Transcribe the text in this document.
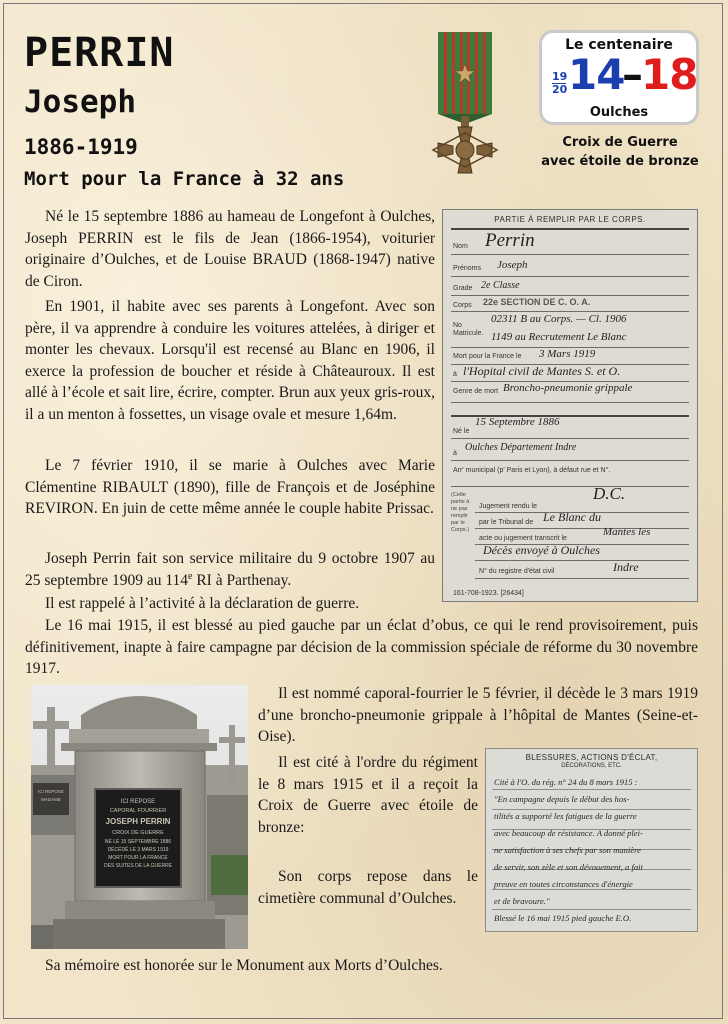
PERRIN
Joseph
1886-1919
Mort pour la France à 32 ans
Le centenaire
19
20 14
–
18
Oulches
Croix de Guerre
avec étoile de bronze

Né le 15 septembre 1886 au hameau de Longefont à Oulches, Joseph PERRIN est le fils de Jean (1866-1954), voiturier originaire d’Oulches, et de Louise BRAUD (1868-1947) native de Ciron.

En 1901, il habite avec ses parents à Longefont. Avec son père, il va apprendre à conduire les voitures attelées, à diriger et monter les chevaux. Lorsqu'il est recensé au Blanc en 1906, il exerce la profession de boucher et réside à Châteauroux. Il est allé à l’école et sait lire, écrire, compter. Brun aux yeux gris-roux, il a un menton à fossettes, un visage ovale et mesure 1,64m.

Le 7 février 1910, il se marie à Oulches avec Marie Clémentine RIBAULT (1890), fille de François et de Joséphine REVIRON. En juin de cette même année le couple habite Prissac.

Joseph Perrin fait son service militaire du 9 octobre 1907 au 25 septembre 1909 au 114e RI à Parthenay.

Il est rappelé à l’activité à la déclaration de guerre.

Le 16 mai 1915, il est blessé au pied gauche par un éclat d’obus, ce qui le rend provisoirement, puis définitivement, inapte à faire campagne par décision de la commission spéciale de réforme du 30 novembre 1917.

Il est nommé caporal-fourrier le 5 février, il décède le 3 mars 1919 d’une broncho-pneumonie grippale à l’hôpital de Mantes (Seine-et-Oise).

Il est cité à l'ordre du régiment le 8 mars 1915 et il a reçoit la Croix de Guerre avec étoile de bronze:

Son corps repose dans le cimetière communal d’Oulches.

Sa mémoire est honorée sur le Monument aux Morts d’Oulches.

PARTIE À REMPLIR PAR LE CORPS.
Nom Perrin
Prénoms Joseph
Grade 2e Classe
Corps 22e SECTION DE C. O. A.
No Matricule.
02311 B au Corps. — Cl. 1906
1149 au Recrutement Le Blanc
Mort pour la France le 3 Mars 1919
à l'Hopital civil de Mantes S. et O.
Genre de mort Broncho-pneumonie grippale
Né le
15 Septembre 1886
à
Oulches Département Indre
Arr' municipal (p' Paris et Lyon), à défaut rue et N°.
(Cette partie à ne pas remplir par le Corps.)
Jugement rendu le
D.C.
par le Tribunal de Le Blanc du
acte ou jugement transcrit le
Mantes les
Décès envoyé à Oulches
N° du registre d'état civil	Indre
161-708-1923. [26434]
ICI REPOSE
CAPORAL FOURRIER
JOSEPH PERRIN
CROIX DE GUERRE
NÉ LE 15 SEPTEMBRE 1886
DÉCÉDÉ LE 3 MARS 1919
MORT POUR LA FRANCE
DES SUITES DE LA GUERRE
ICI REPOSE
MADAME
BLESSURES, ACTIONS D'ÉCLAT,
DÉCORATIONS, ETC.
Cité à l'O. du rég. n° 24 du 8 mars 1915 :
"En campagne depuis le début des hos-
tilités a supporté les fatigues de la guerre
avec beaucoup de résistance. A donné plei-
ne satisfaction à ses chefs par son manière
de servir, son zèle et son dévouement, a fait
preuve en toutes circonstances d'énergie
et de bravoure."
Blessé le 16 mai 1915 pied gauche E.O.
